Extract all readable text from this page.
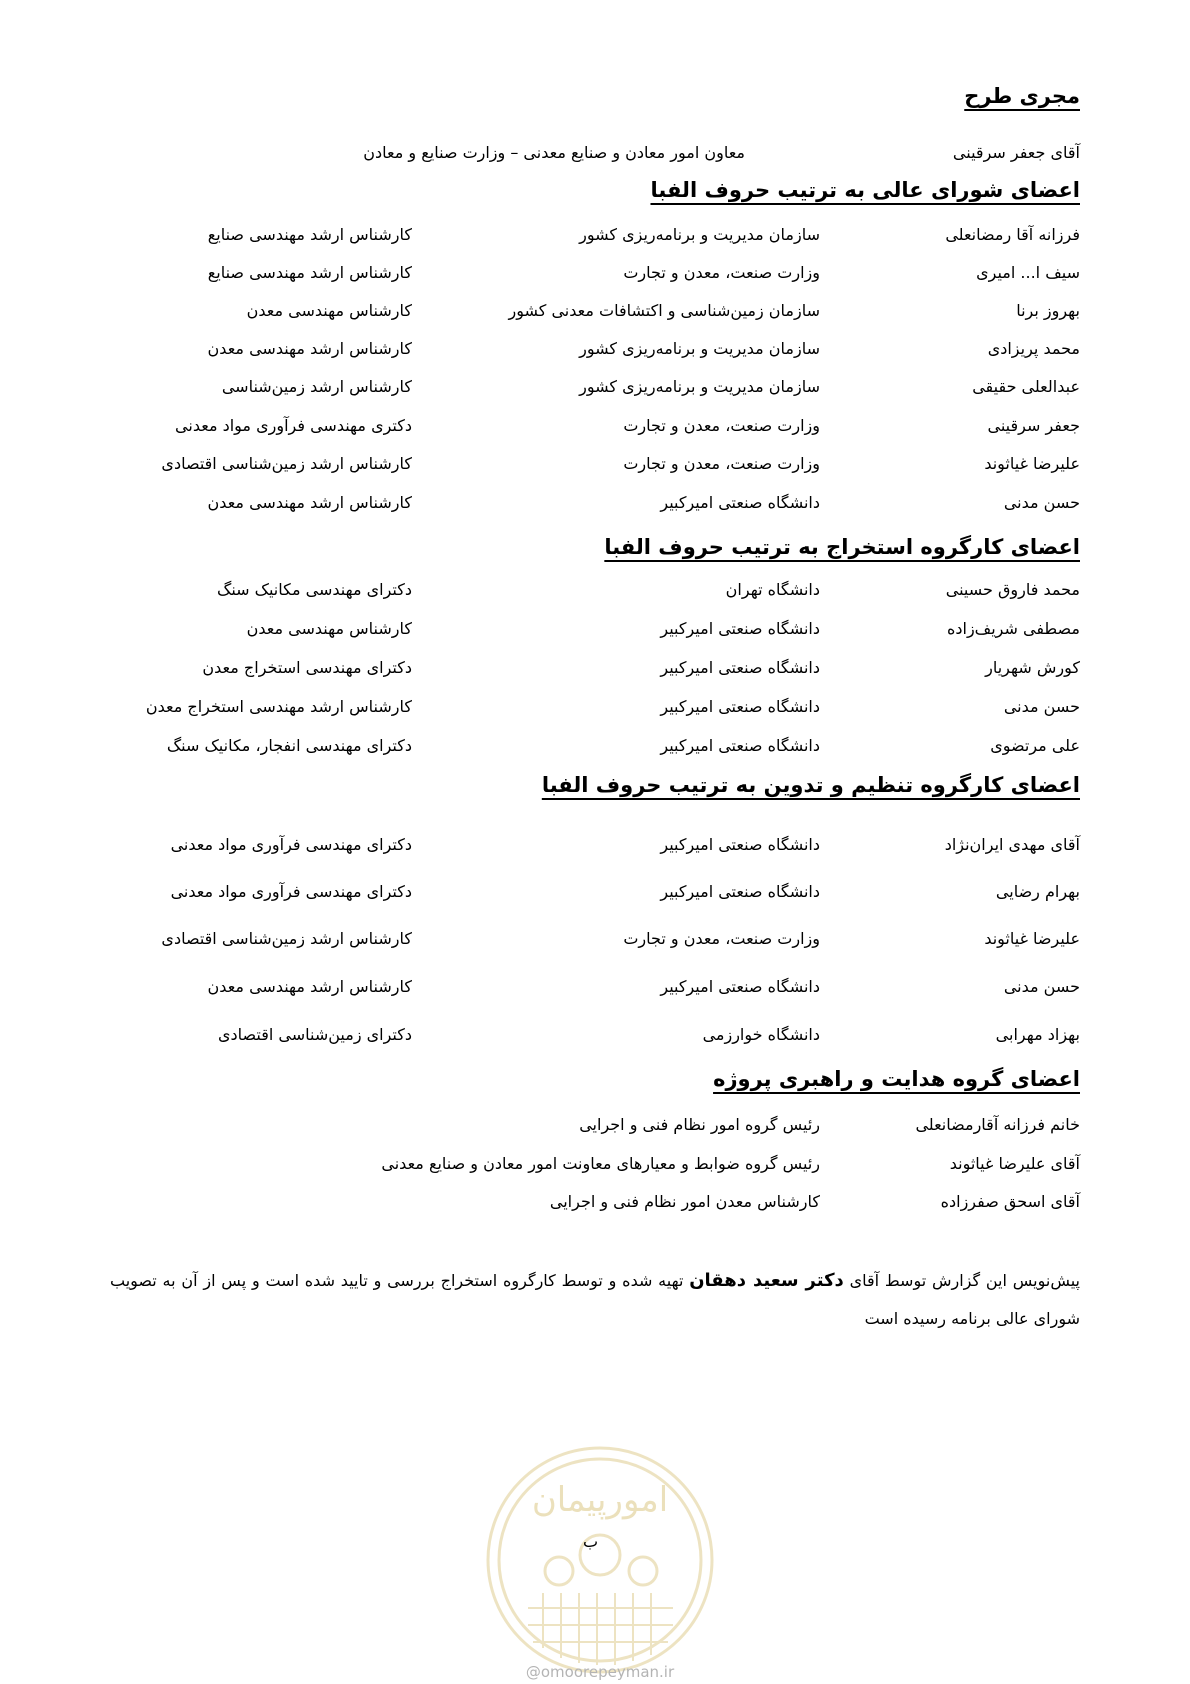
مجری طرح
آقای جعفر سرقینی
معاون امور معادن و صنایع معدنی – وزارت صنایع و معادن
اعضای شورای عالی به ترتیب حروف الفبا
فرزانه آقا رمضانعلی
سازمان مدیریت و برنامه‌ریزی کشور
کارشناس ارشد مهندسی صنایع
سیف ا... امیری
وزارت صنعت، معدن و تجارت
کارشناس ارشد مهندسی صنایع
بهروز برنا
سازمان زمین‌شناسی و اکتشافات معدنی کشور
کارشناس مهندسی معدن
محمد پریزادی
سازمان مدیریت و برنامه‌ریزی کشور
کارشناس ارشد مهندسی معدن
عبدالعلی حقیقی
سازمان مدیریت و برنامه‌ریزی کشور
کارشناس ارشد زمین‌شناسی
جعفر سرقینی
وزارت صنعت، معدن و تجارت
دکتری مهندسی فرآوری مواد معدنی
علیرضا غیاثوند
وزارت صنعت، معدن و تجارت
کارشناس ارشد زمین‌شناسی اقتصادی
حسن مدنی
دانشگاه صنعتی امیرکبیر
کارشناس ارشد مهندسی معدن
اعضای کارگروه استخراج به ترتیب حروف الفبا
محمد فاروق حسینی
دانشگاه تهران
دکترای مهندسی مکانیک سنگ
مصطفی شریف‌زاده
دانشگاه صنعتی امیرکبیر
کارشناس مهندسی معدن
کورش شهریار
دانشگاه صنعتی امیرکبیر
دکترای مهندسی استخراج معدن
حسن مدنی
دانشگاه صنعتی امیرکبیر
کارشناس ارشد مهندسی استخراج معدن
علی مرتضوی
دانشگاه صنعتی امیرکبیر
دکترای مهندسی انفجار، مکانیک سنگ
اعضای کارگروه تنظیم و تدوین به ترتیب حروف الفبا
آقای مهدی ایران‌نژاد
دانشگاه صنعتی امیرکبیر
دکترای مهندسی فرآوری مواد معدنی
بهرام رضایی
دانشگاه صنعتی امیرکبیر
دکترای مهندسی فرآوری مواد معدنی
علیرضا غیاثوند
وزارت صنعت، معدن و تجارت
کارشناس ارشد زمین‌شناسی اقتصادی
حسن مدنی
دانشگاه صنعتی امیرکبیر
کارشناس ارشد مهندسی معدن
بهزاد مهرابی
دانشگاه خوارزمی
دکترای زمین‌شناسی اقتصادی
اعضای گروه هدایت و راهبری پروژه
خانم فرزانه آقارمضانعلی
رئیس گروه امور نظام فنی و اجرایی
آقای علیرضا غیاثوند
رئیس گروه ضوابط و معیارهای معاونت امور معادن و صنایع معدنی
آقای اسحق صفرزاده
کارشناس معدن امور نظام فنی و اجرایی

پیش‌نویس این گزارش توسط آقای دکتر سعید دهقان تهیه شده و توسط کارگروه استخراج بررسی و تایید شده است و پس از آن به تصویب شورای عالی برنامه رسیده است

امورپیمان
@omoorepeyman.ir
ب
